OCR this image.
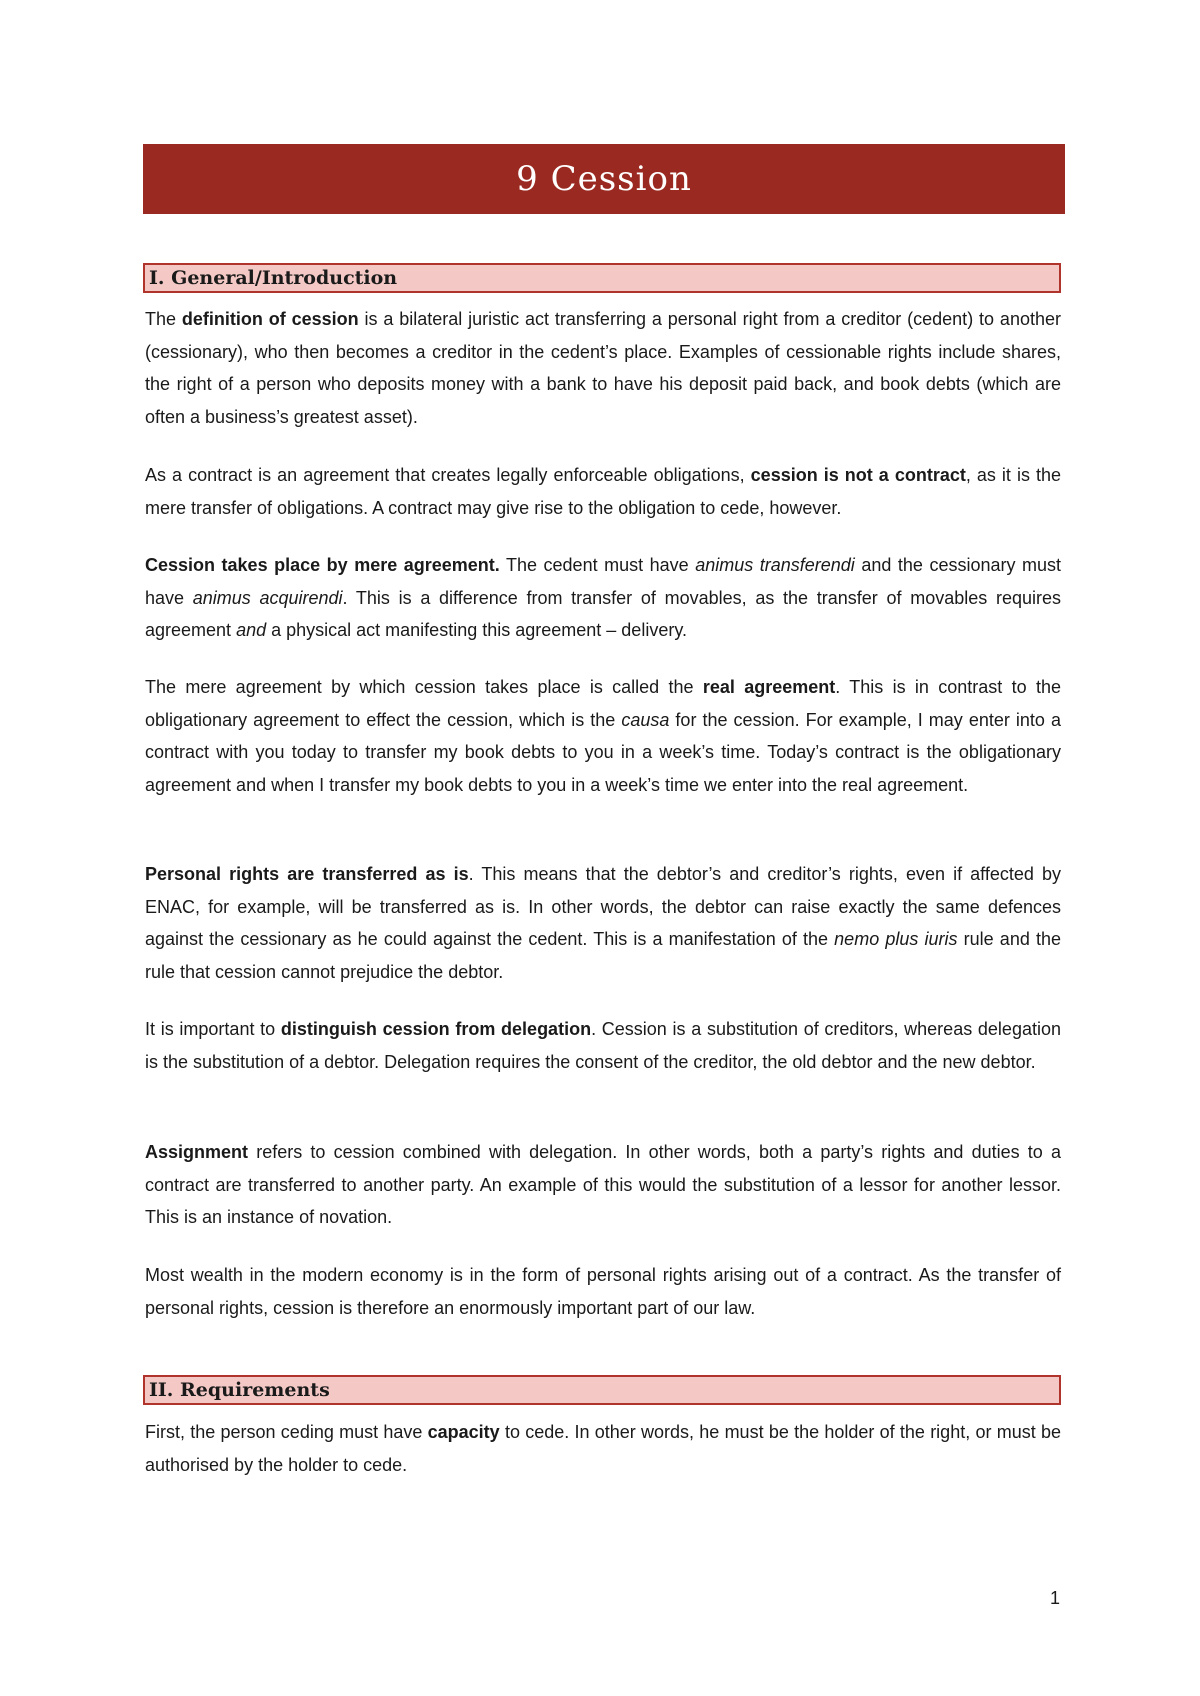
9 Cession
I. General/Introduction

The definition of cession is a bilateral juristic act transferring a personal right from a creditor (cedent) to another (cessionary), who then becomes a creditor in the cedent’s place. Examples of cessionable rights include shares, the right of a person who deposits money with a bank to have his deposit paid back, and book debts (which are often a business’s greatest asset).

As a contract is an agreement that creates legally enforceable obligations, cession is not a contract, as it is the mere transfer of obligations. A contract may give rise to the obligation to cede, however.

Cession takes place by mere agreement. The cedent must have animus transferendi and the cessionary must have animus acquirendi. This is a difference from transfer of movables, as the transfer of movables requires agreement and a physical act manifesting this agreement – delivery.

The mere agreement by which cession takes place is called the real agreement. This is in contrast to the obligationary agreement to effect the cession, which is the causa for the cession. For example, I may enter into a contract with you today to transfer my book debts to you in a week’s time. Today’s contract is the obligationary agreement and when I transfer my book debts to you in a week’s time we enter into the real agreement.

Personal rights are transferred as is. This means that the debtor’s and creditor’s rights, even if affected by ENAC, for example, will be transferred as is. In other words, the debtor can raise exactly the same defences against the cessionary as he could against the cedent. This is a manifestation of the nemo plus iuris rule and the rule that cession cannot prejudice the debtor.

It is important to distinguish cession from delegation. Cession is a substitution of creditors, whereas delegation is the substitution of a debtor. Delegation requires the consent of the creditor, the old debtor and the new debtor.

Assignment refers to cession combined with delegation. In other words, both a party’s rights and duties to a contract are transferred to another party. An example of this would the substitution of a lessor for another lessor. This is an instance of novation.

Most wealth in the modern economy is in the form of personal rights arising out of a contract. As the transfer of personal rights, cession is therefore an enormously important part of our law.

II. Requirements

First, the person ceding must have capacity to cede. In other words, he must be the holder of the right, or must be authorised by the holder to cede.

1
